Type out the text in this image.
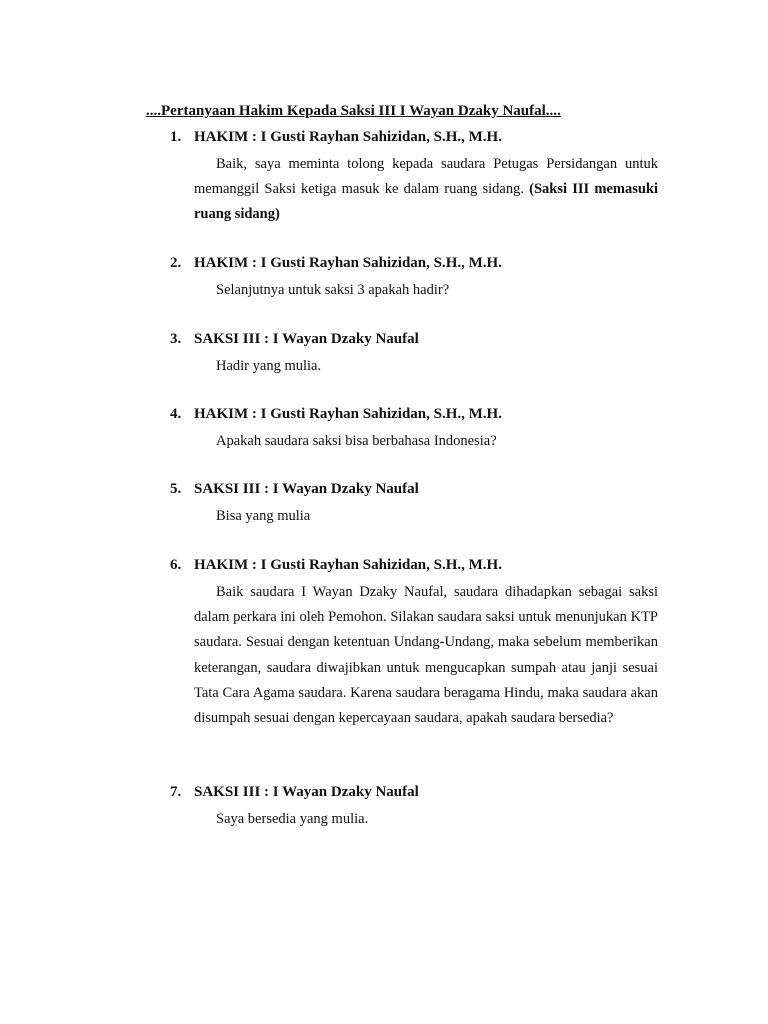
....Pertanyaan Hakim Kepada Saksi III I Wayan Dzaky Naufal....
1. HAKIM : I Gusti Rayhan Sahizidan, S.H., M.H.
Baik, saya meminta tolong kepada saudara Petugas Persidangan untuk memanggil Saksi ketiga masuk ke dalam ruang sidang. (Saksi III memasuki ruang sidang)
2. HAKIM : I Gusti Rayhan Sahizidan, S.H., M.H.
Selanjutnya untuk saksi 3 apakah hadir?
3. SAKSI III : I Wayan Dzaky Naufal
Hadir yang mulia.
4. HAKIM : I Gusti Rayhan Sahizidan, S.H., M.H.
Apakah saudara saksi bisa berbahasa Indonesia?
5. SAKSI III : I Wayan Dzaky Naufal
Bisa yang mulia
6. HAKIM : I Gusti Rayhan Sahizidan, S.H., M.H.
Baik saudara I Wayan Dzaky Naufal, saudara dihadapkan sebagai saksi dalam perkara ini oleh Pemohon. Silakan saudara saksi untuk menunjukan KTP saudara. Sesuai dengan ketentuan Undang-Undang, maka sebelum memberikan keterangan, saudara diwajibkan untuk mengucapkan sumpah atau janji sesuai Tata Cara Agama saudara. Karena saudara beragama Hindu, maka saudara akan disumpah sesuai dengan kepercayaan saudara, apakah saudara bersedia?
7. SAKSI III : I Wayan Dzaky Naufal
Saya bersedia yang mulia.
